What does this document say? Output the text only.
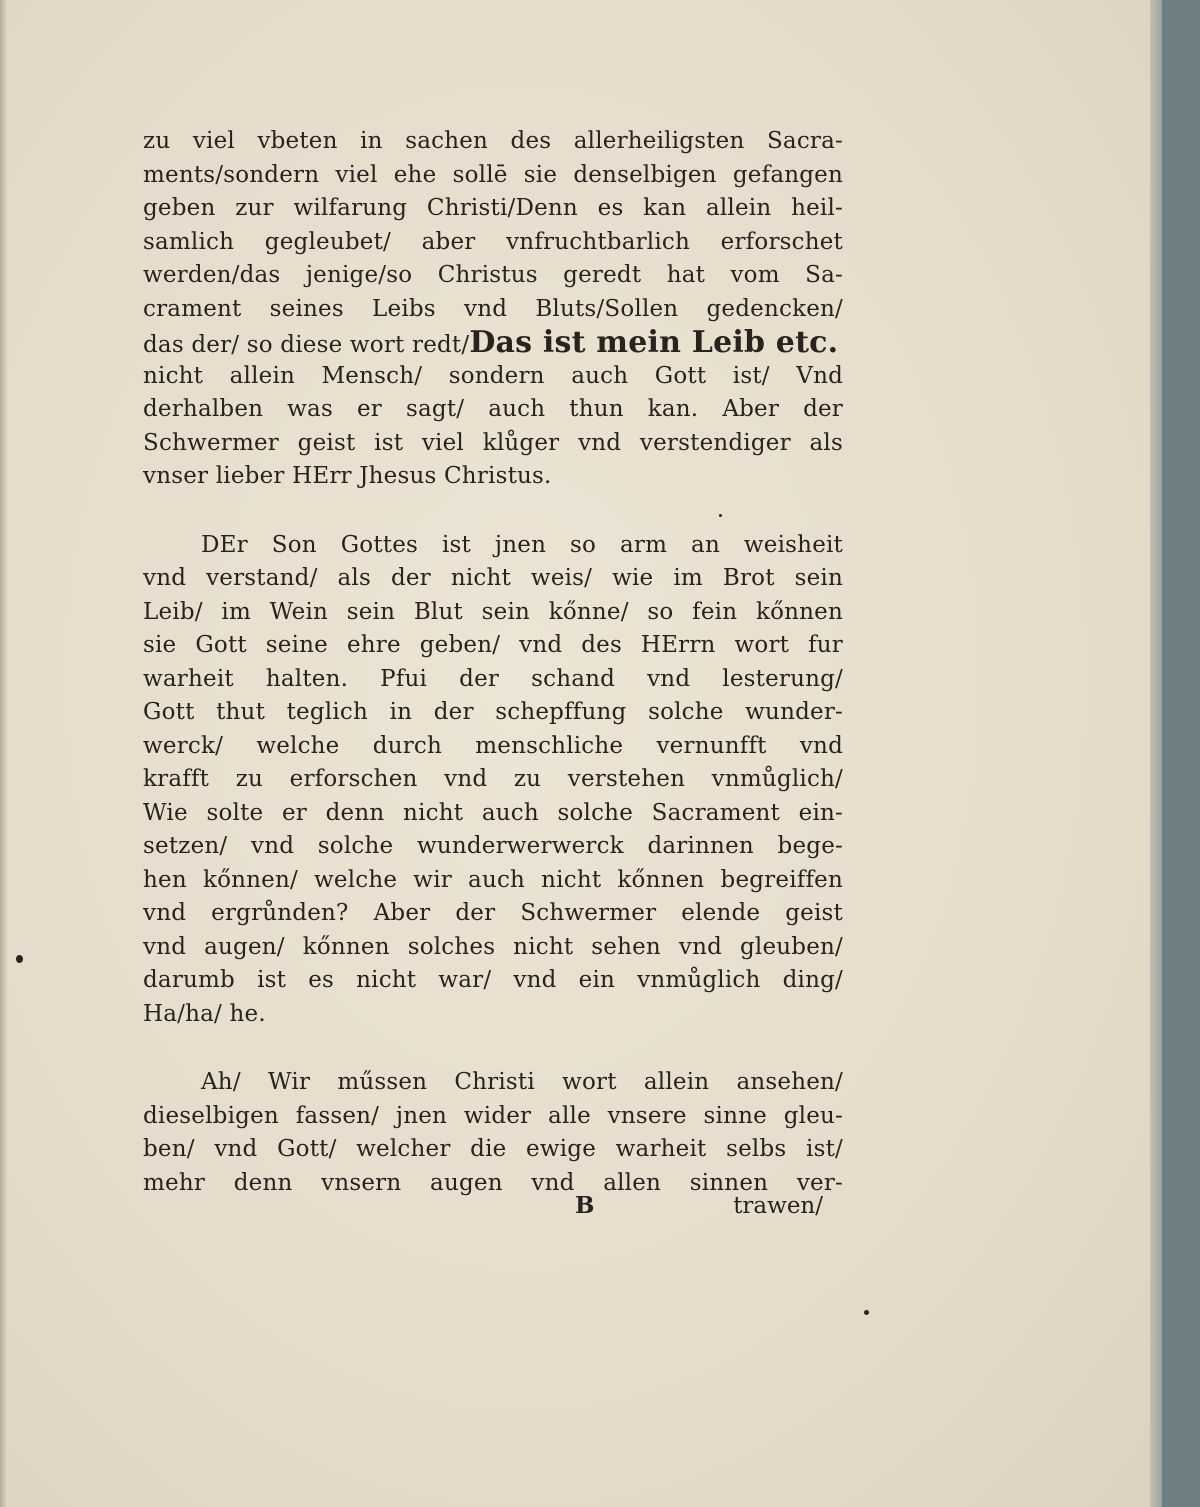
zu viel vbeten in sachen des allerheiligsten Sacra-
ments/sondern viel ehe sollē sie denselbigen gefangen
geben zur wilfarung Christi/Denn es kan allein heil-
samlich gegleubet/ aber vnfruchtbarlich erforschet
werden/das jenige/so Christus geredt hat vom Sa-
crament seines Leibs vnd Bluts/Sollen gedencken/
das der/ so diese wort redt/Das ist mein Leib etc.
nicht allein Mensch/ sondern auch Gott ist/ Vnd
derhalben was er sagt/ auch thun kan. Aber der
Schwermer geist ist viel klůger vnd verstendiger als
vnser lieber HErr Jhesus Christus.
DEr Son Gottes ist jnen so arm an weisheit
vnd verstand/ als der nicht weis/ wie im Brot sein
Leib/ im Wein sein Blut sein kőnne/ so fein kőnnen
sie Gott seine ehre geben/ vnd des HErrn wort fur
warheit halten. Pfui der schand vnd lesterung/
Gott thut teglich in der schepffung solche wunder-
werck/ welche durch menschliche vernunfft vnd
krafft zu erforschen vnd zu verstehen vnmůglich/
Wie solte er denn nicht auch solche Sacrament ein-
setzen/ vnd solche wunderwerwerck darinnen bege-
hen kőnnen/ welche wir auch nicht kőnnen begreiffen
vnd ergrůnden? Aber der Schwermer elende geist
vnd augen/ kőnnen solches nicht sehen vnd gleuben/
darumb ist es nicht war/ vnd ein vnmůglich ding/
Ha/ha/ he.
Ah/ Wir műssen Christi wort allein ansehen/
dieselbigen fassen/ jnen wider alle vnsere sinne gleu-
ben/ vnd Gott/ welcher die ewige warheit selbs ist/
mehr denn vnsern augen vnd allen sinnen ver-
B	trawen/
